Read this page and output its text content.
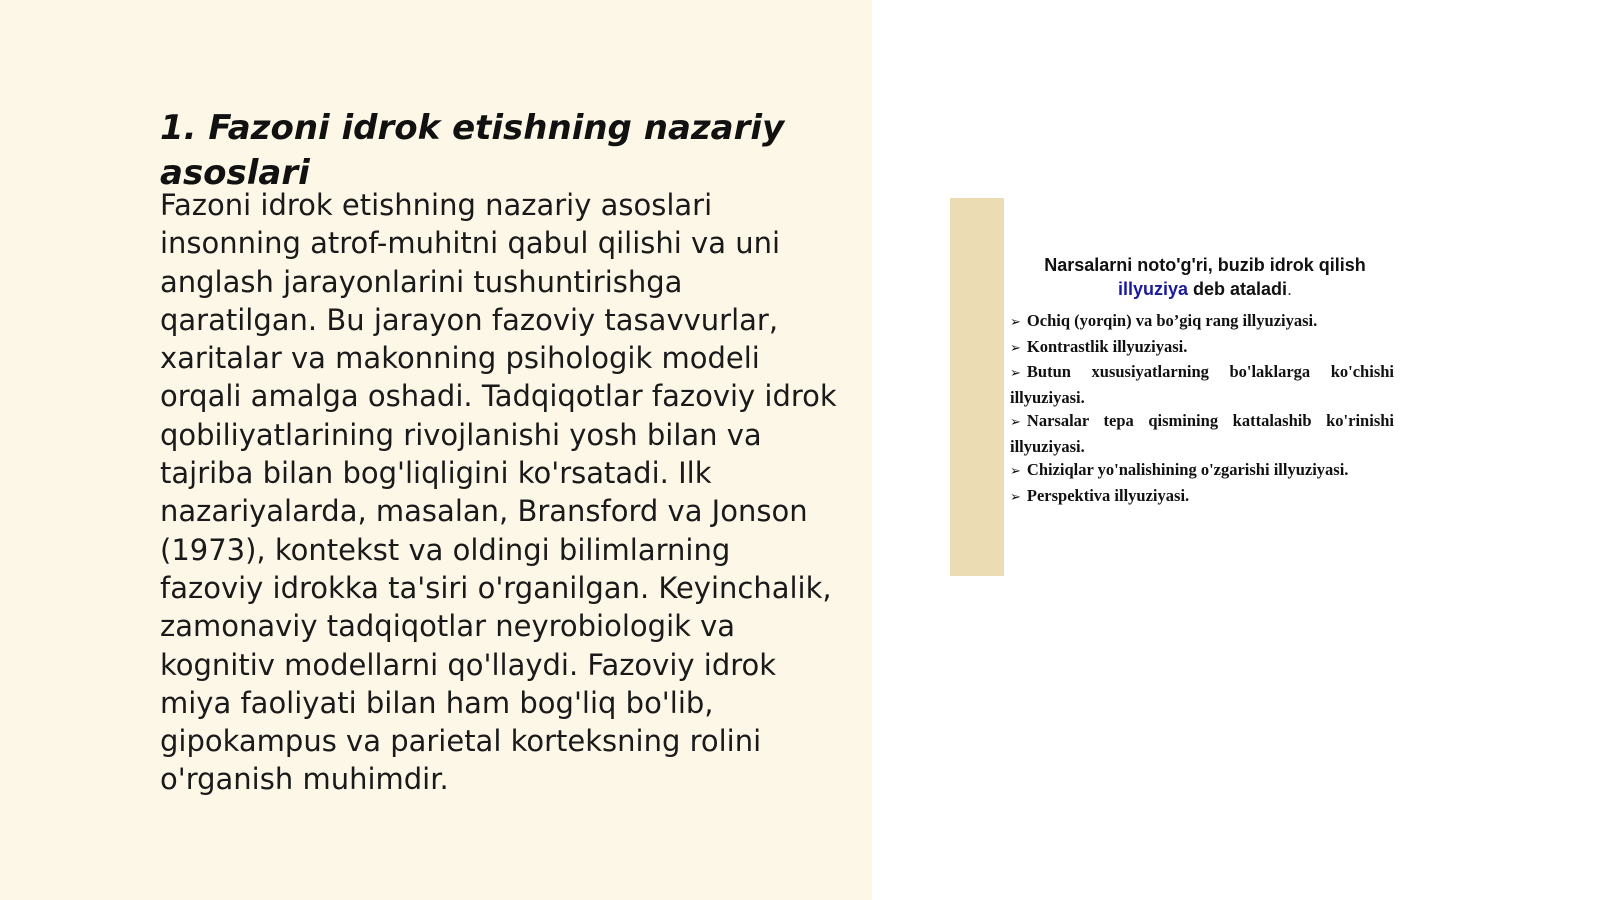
1. Fazoni idrok etishning nazariy asoslari

Fazoni idrok etishning nazariy asoslari insonning atrof-muhitni qabul qilishi va uni anglash jarayonlarini tushuntirishga qaratilgan. Bu jarayon fazoviy tasavvurlar, xaritalar va makonning psihologik modeli orqali amalga oshadi. Tadqiqotlar fazoviy idrok qobiliyatlarining rivojlanishi yosh bilan va tajriba bilan bog'liqligini ko'rsatadi. Ilk nazariyalarda, masalan, Bransford va Jonson (1973), kontekst va oldingi bilimlarning fazoviy idrokka ta'siri o'rganilgan. Keyinchalik, zamonaviy tadqiqotlar neyrobiologik va kognitiv modellarni qo'llaydi. Fazoviy idrok miya faoliyati bilan ham bog'liq bo'lib, gipokampus va parietal korteksning rolini o'rganish muhimdir.

Narsalarni noto'g'ri, buzib idrok qilish
illyuziya deb ataladi.
➢ Ochiq (yorqin) va bo’giq rang illyuziyasi.
➢ Kontrastlik illyuziyasi.
➢ Butun xususiyatlarning bo'laklarga ko'chishi illyuziyasi.
➢ Narsalar tepa qismining kattalashib ko'rinishi illyuziyasi.
➢ Chiziqlar yo'nalishining o'zgarishi illyuziyasi.
➢ Perspektiva illyuziyasi.
